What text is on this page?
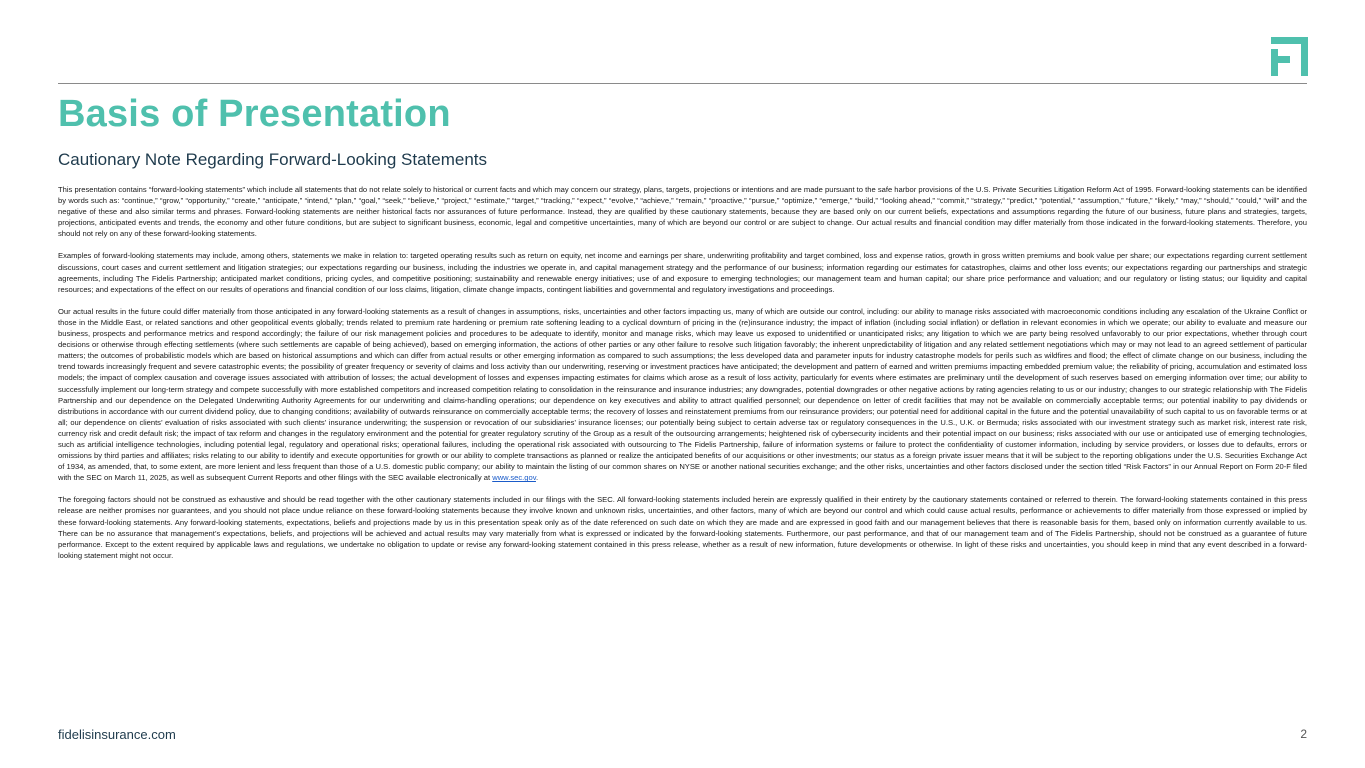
Basis of Presentation
Cautionary Note Regarding Forward-Looking Statements

This presentation contains “forward-looking statements” which include all statements that do not relate solely to historical or current facts and which may concern our strategy, plans, targets, projections or intentions and are made pursuant to the safe harbor provisions of the U.S. Private Securities Litigation Reform Act of 1995. Forward-looking statements can be identified by words such as: “continue,” “grow,” “opportunity,” “create,” “anticipate,” “intend,” “plan,” “goal,” “seek,” “believe,” “project,” “estimate,” “target,” “tracking,” “expect,” “evolve,” “achieve,” “remain,” “proactive,” “pursue,” “optimize,” “emerge,” “build,” “looking ahead,” “commit,” “strategy,” “predict,” “potential,” “assumption,” “future,” “likely,” “may,” “should,” “could,” “will” and the negative of these and also similar terms and phrases. Forward-looking statements are neither historical facts nor assurances of future performance. Instead, they are qualified by these cautionary statements, because they are based only on our current beliefs, expectations and assumptions regarding the future of our business, future plans and strategies, targets, projections, anticipated events and trends, the economy and other future conditions, but are subject to significant business, economic, legal and competitive uncertainties, many of which are beyond our control or are subject to change. Our actual results and financial condition may differ materially from those indicated in the forward-looking statements. Therefore, you should not rely on any of these forward-looking statements.

Examples of forward-looking statements may include, among others, statements we make in relation to: targeted operating results such as return on equity, net income and earnings per share, underwriting profitability and target combined, loss and expense ratios, growth in gross written premiums and book value per share; our expectations regarding current settlement discussions, court cases and current settlement and litigation strategies; our expectations regarding our business, including the industries we operate in, and capital management strategy and the performance of our business; information regarding our estimates for catastrophes, claims and other loss events; our expectations regarding our partnerships and strategic agreements, including The Fidelis Partnership; anticipated market conditions, pricing cycles, and competitive positioning; sustainability and renewable energy initiatives; use of and exposure to emerging technologies; our management team and human capital; our share price performance and valuation; and our regulatory or listing status; our liquidity and capital resources; and expectations of the effect on our results of operations and financial condition of our loss claims, litigation, climate change impacts, contingent liabilities and governmental and regulatory investigations and proceedings.

Our actual results in the future could differ materially from those anticipated in any forward-looking statements as a result of changes in assumptions, risks, uncertainties and other factors impacting us, many of which are outside our control, including: our ability to manage risks associated with macroeconomic conditions including any escalation of the Ukraine Conflict or those in the Middle East, or related sanctions and other geopolitical events globally; trends related to premium rate hardening or premium rate softening leading to a cyclical downturn of pricing in the (re)insurance industry; the impact of inflation (including social inflation) or deflation in relevant economies in which we operate; our ability to evaluate and measure our business, prospects and performance metrics and respond accordingly; the failure of our risk management policies and procedures to be adequate to identify, monitor and manage risks, which may leave us exposed to unidentified or unanticipated risks; any litigation to which we are party being resolved unfavorably to our prior expectations, whether through court decisions or otherwise through effecting settlements (where such settlements are capable of being achieved), based on emerging information, the actions of other parties or any other failure to resolve such litigation favorably; the inherent unpredictability of litigation and any related settlement negotiations which may or may not lead to an agreed settlement of particular matters; the outcomes of probabilistic models which are based on historical assumptions and which can differ from actual results or other emerging information as compared to such assumptions; the less developed data and parameter inputs for industry catastrophe models for perils such as wildfires and flood; the effect of climate change on our business, including the trend towards increasingly frequent and severe catastrophic events; the possibility of greater frequency or severity of claims and loss activity than our underwriting, reserving or investment practices have anticipated; the development and pattern of earned and written premiums impacting embedded premium value; the reliability of pricing, accumulation and estimated loss models; the impact of complex causation and coverage issues associated with attribution of losses; the actual development of losses and expenses impacting estimates for claims which arose as a result of loss activity, particularly for events where estimates are preliminary until the development of such reserves based on emerging information over time; our ability to successfully implement our long-term strategy and compete successfully with more established competitors and increased competition relating to consolidation in the reinsurance and insurance industries; any downgrades, potential downgrades or other negative actions by rating agencies relating to us or our industry; changes to our strategic relationship with The Fidelis Partnership and our dependence on the Delegated Underwriting Authority Agreements for our underwriting and claims-handling operations; our dependence on key executives and ability to attract qualified personnel; our dependence on letter of credit facilities that may not be available on commercially acceptable terms; our potential inability to pay dividends or distributions in accordance with our current dividend policy, due to changing conditions; availability of outwards reinsurance on commercially acceptable terms; the recovery of losses and reinstatement premiums from our reinsurance providers; our potential need for additional capital in the future and the potential unavailability of such capital to us on favorable terms or at all; our dependence on clients’ evaluation of risks associated with such clients’ insurance underwriting; the suspension or revocation of our subsidiaries’ insurance licenses; our potentially being subject to certain adverse tax or regulatory consequences in the U.S., U.K. or Bermuda; risks associated with our investment strategy such as market risk, interest rate risk, currency risk and credit default risk; the impact of tax reform and changes in the regulatory environment and the potential for greater regulatory scrutiny of the Group as a result of the outsourcing arrangements; heightened risk of cybersecurity incidents and their potential impact on our business; risks associated with our use or anticipated use of emerging technologies, such as artificial intelligence technologies, including potential legal, regulatory and operational risks; operational failures, including the operational risk associated with outsourcing to The Fidelis Partnership, failure of information systems or failure to protect the confidentiality of customer information, including by service providers, or losses due to defaults, errors or omissions by third parties and affiliates; risks relating to our ability to identify and execute opportunities for growth or our ability to complete transactions as planned or realize the anticipated benefits of our acquisitions or other investments; our status as a foreign private issuer means that it will be subject to the reporting obligations under the U.S. Securities Exchange Act of 1934, as amended, that, to some extent, are more lenient and less frequent than those of a U.S. domestic public company; our ability to maintain the listing of our common shares on NYSE or another national securities exchange; and the other risks, uncertainties and other factors disclosed under the section titled “Risk Factors” in our Annual Report on Form 20-F filed with the SEC on March 11, 2025, as well as subsequent Current Reports and other filings with the SEC available electronically at www.sec.gov.

The foregoing factors should not be construed as exhaustive and should be read together with the other cautionary statements included in our filings with the SEC. All forward-looking statements included herein are expressly qualified in their entirety by the cautionary statements contained or referred to therein. The forward-looking statements contained in this press release are neither promises nor guarantees, and you should not place undue reliance on these forward-looking statements because they involve known and unknown risks, uncertainties, and other factors, many of which are beyond our control and which could cause actual results, performance or achievements to differ materially from those expressed or implied by these forward-looking statements. Any forward-looking statements, expectations, beliefs and projections made by us in this presentation speak only as of the date referenced on such date on which they are made and are expressed in good faith and our management believes that there is reasonable basis for them, based only on information currently available to us. There can be no assurance that management’s expectations, beliefs, and projections will be achieved and actual results may vary materially from what is expressed or indicated by the forward-looking statements. Furthermore, our past performance, and that of our management team and of The Fidelis Partnership, should not be construed as a guarantee of future performance. Except to the extent required by applicable laws and regulations, we undertake no obligation to update or revise any forward-looking statement contained in this press release, whether as a result of new information, future developments or otherwise. In light of these risks and uncertainties, you should keep in mind that any event described in a forward-looking statement might not occur.

fidelisinsurance.com	2
